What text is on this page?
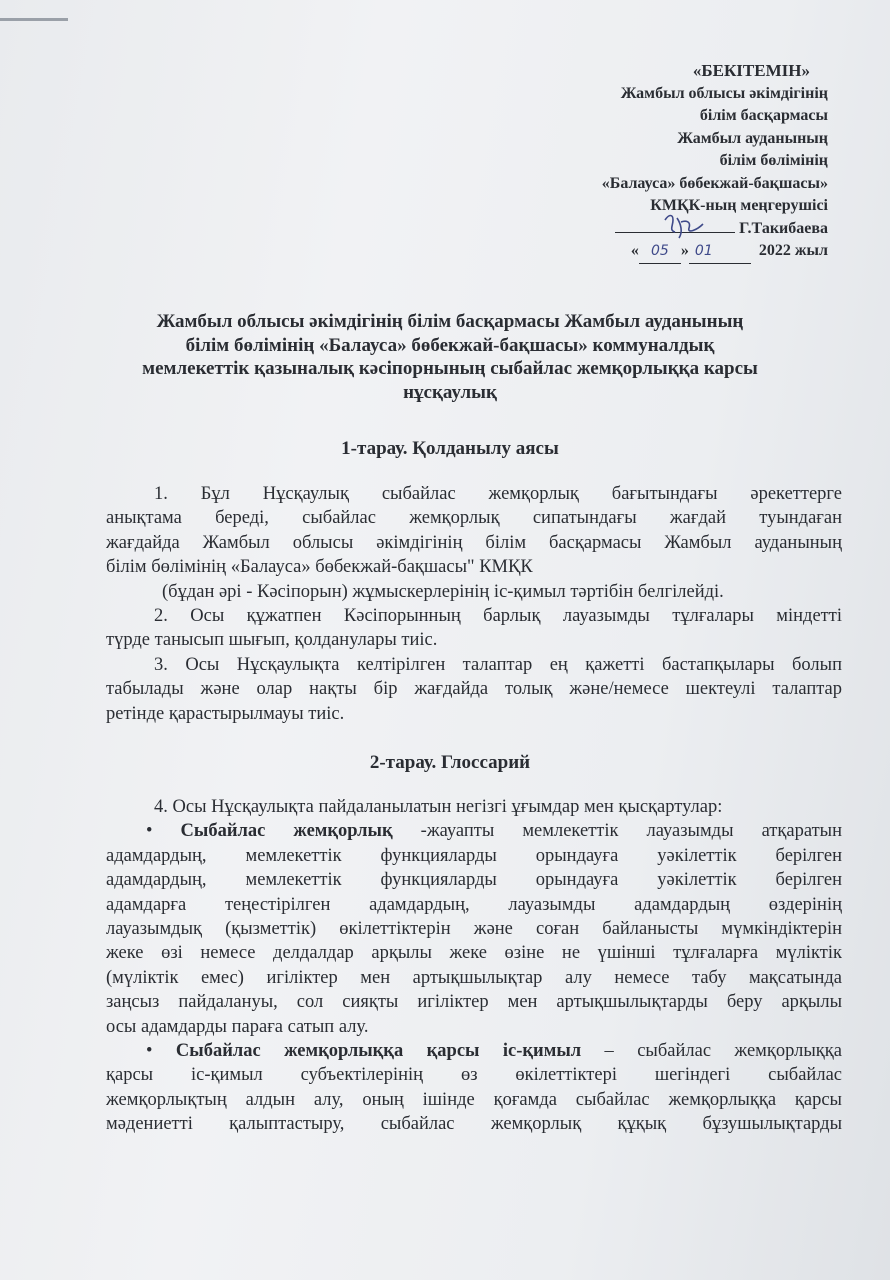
«БЕКІТЕМІН»
Жамбыл облысы әкімдігінің
білім басқармасы
Жамбыл ауданының
білім бөлімінің
«Балауса» бөбекжай-бақшасы»
КМҚК-ның меңгерушісі
Г.Такибаева
« 05 » 01	2022 жыл
Жамбыл облысы әкімдігінің білім басқармасы Жамбыл ауданының
білім бөлімінің «Балауса» бөбекжай-бақшасы» коммуналдық
мемлекеттік қазыналық кәсіпорнының сыбайлас жемқорлыққа карсы
нұсқаулық
1-тарау. Қолданылу аясы
1. Бұл Нұсқаулық сыбайлас жемқорлық бағытындағы әрекеттерге
анықтама береді, сыбайлас жемқорлық сипатындағы жағдай туындаған
жағдайда Жамбыл облысы әкімдігінің білім басқармасы Жамбыл ауданының
білім бөлімінің «Балауса» бөбекжай-бақшасы" КМҚК
(бұдан әрі - Кәсіпорын) жұмыскерлерінің іс-қимыл тәртібін белгілейді.
2. Осы құжатпен Кәсіпорынның барлық лауазымды тұлғалары міндетті
түрде танысып шығып, қолданулары тиіс.
3. Осы Нұсқаулықта келтірілген талаптар ең қажетті бастапқылары болып
табылады және олар нақты бір жағдайда толық және/немесе шектеулі талаптар
ретінде қарастырылмауы тиіс.
2-тарау. Глоссарий
4. Осы Нұсқаулықта пайдаланылатын негізгі ұғымдар мен қысқартулар:
• Сыбайлас жемқорлық -жауапты мемлекеттік лауазымды атқаратын
адамдардың, мемлекеттік функцияларды орындауға уәкілеттік берілген
адамдардың, мемлекеттік функцияларды орындауға уәкілеттік берілген
адамдарға теңестірілген адамдардың, лауазымды адамдардың өздерінің
лауазымдық (қызметтік) өкілеттіктерін және соған байланысты мүмкіндіктерін
жеке өзі немесе делдалдар арқылы жеке өзіне не үшінші тұлғаларға мүліктік
(мүліктік емес) игіліктер мен артықшылықтар алу немесе табу мақсатында
заңсыз пайдалануы, сол сияқты игіліктер мен артықшылықтарды беру арқылы
осы адамдарды параға сатып алу.
• Сыбайлас жемқорлыққа қарсы іс-қимыл – сыбайлас жемқорлыққа
қарсы іс-қимыл субъектілерінің өз өкілеттіктері шегіндегі сыбайлас
жемқорлықтың алдын алу, оның ішінде қоғамда сыбайлас жемқорлыққа қарсы
мәдениетті қалыптастыру, сыбайлас жемқорлық құқық бұзушылықтарды
